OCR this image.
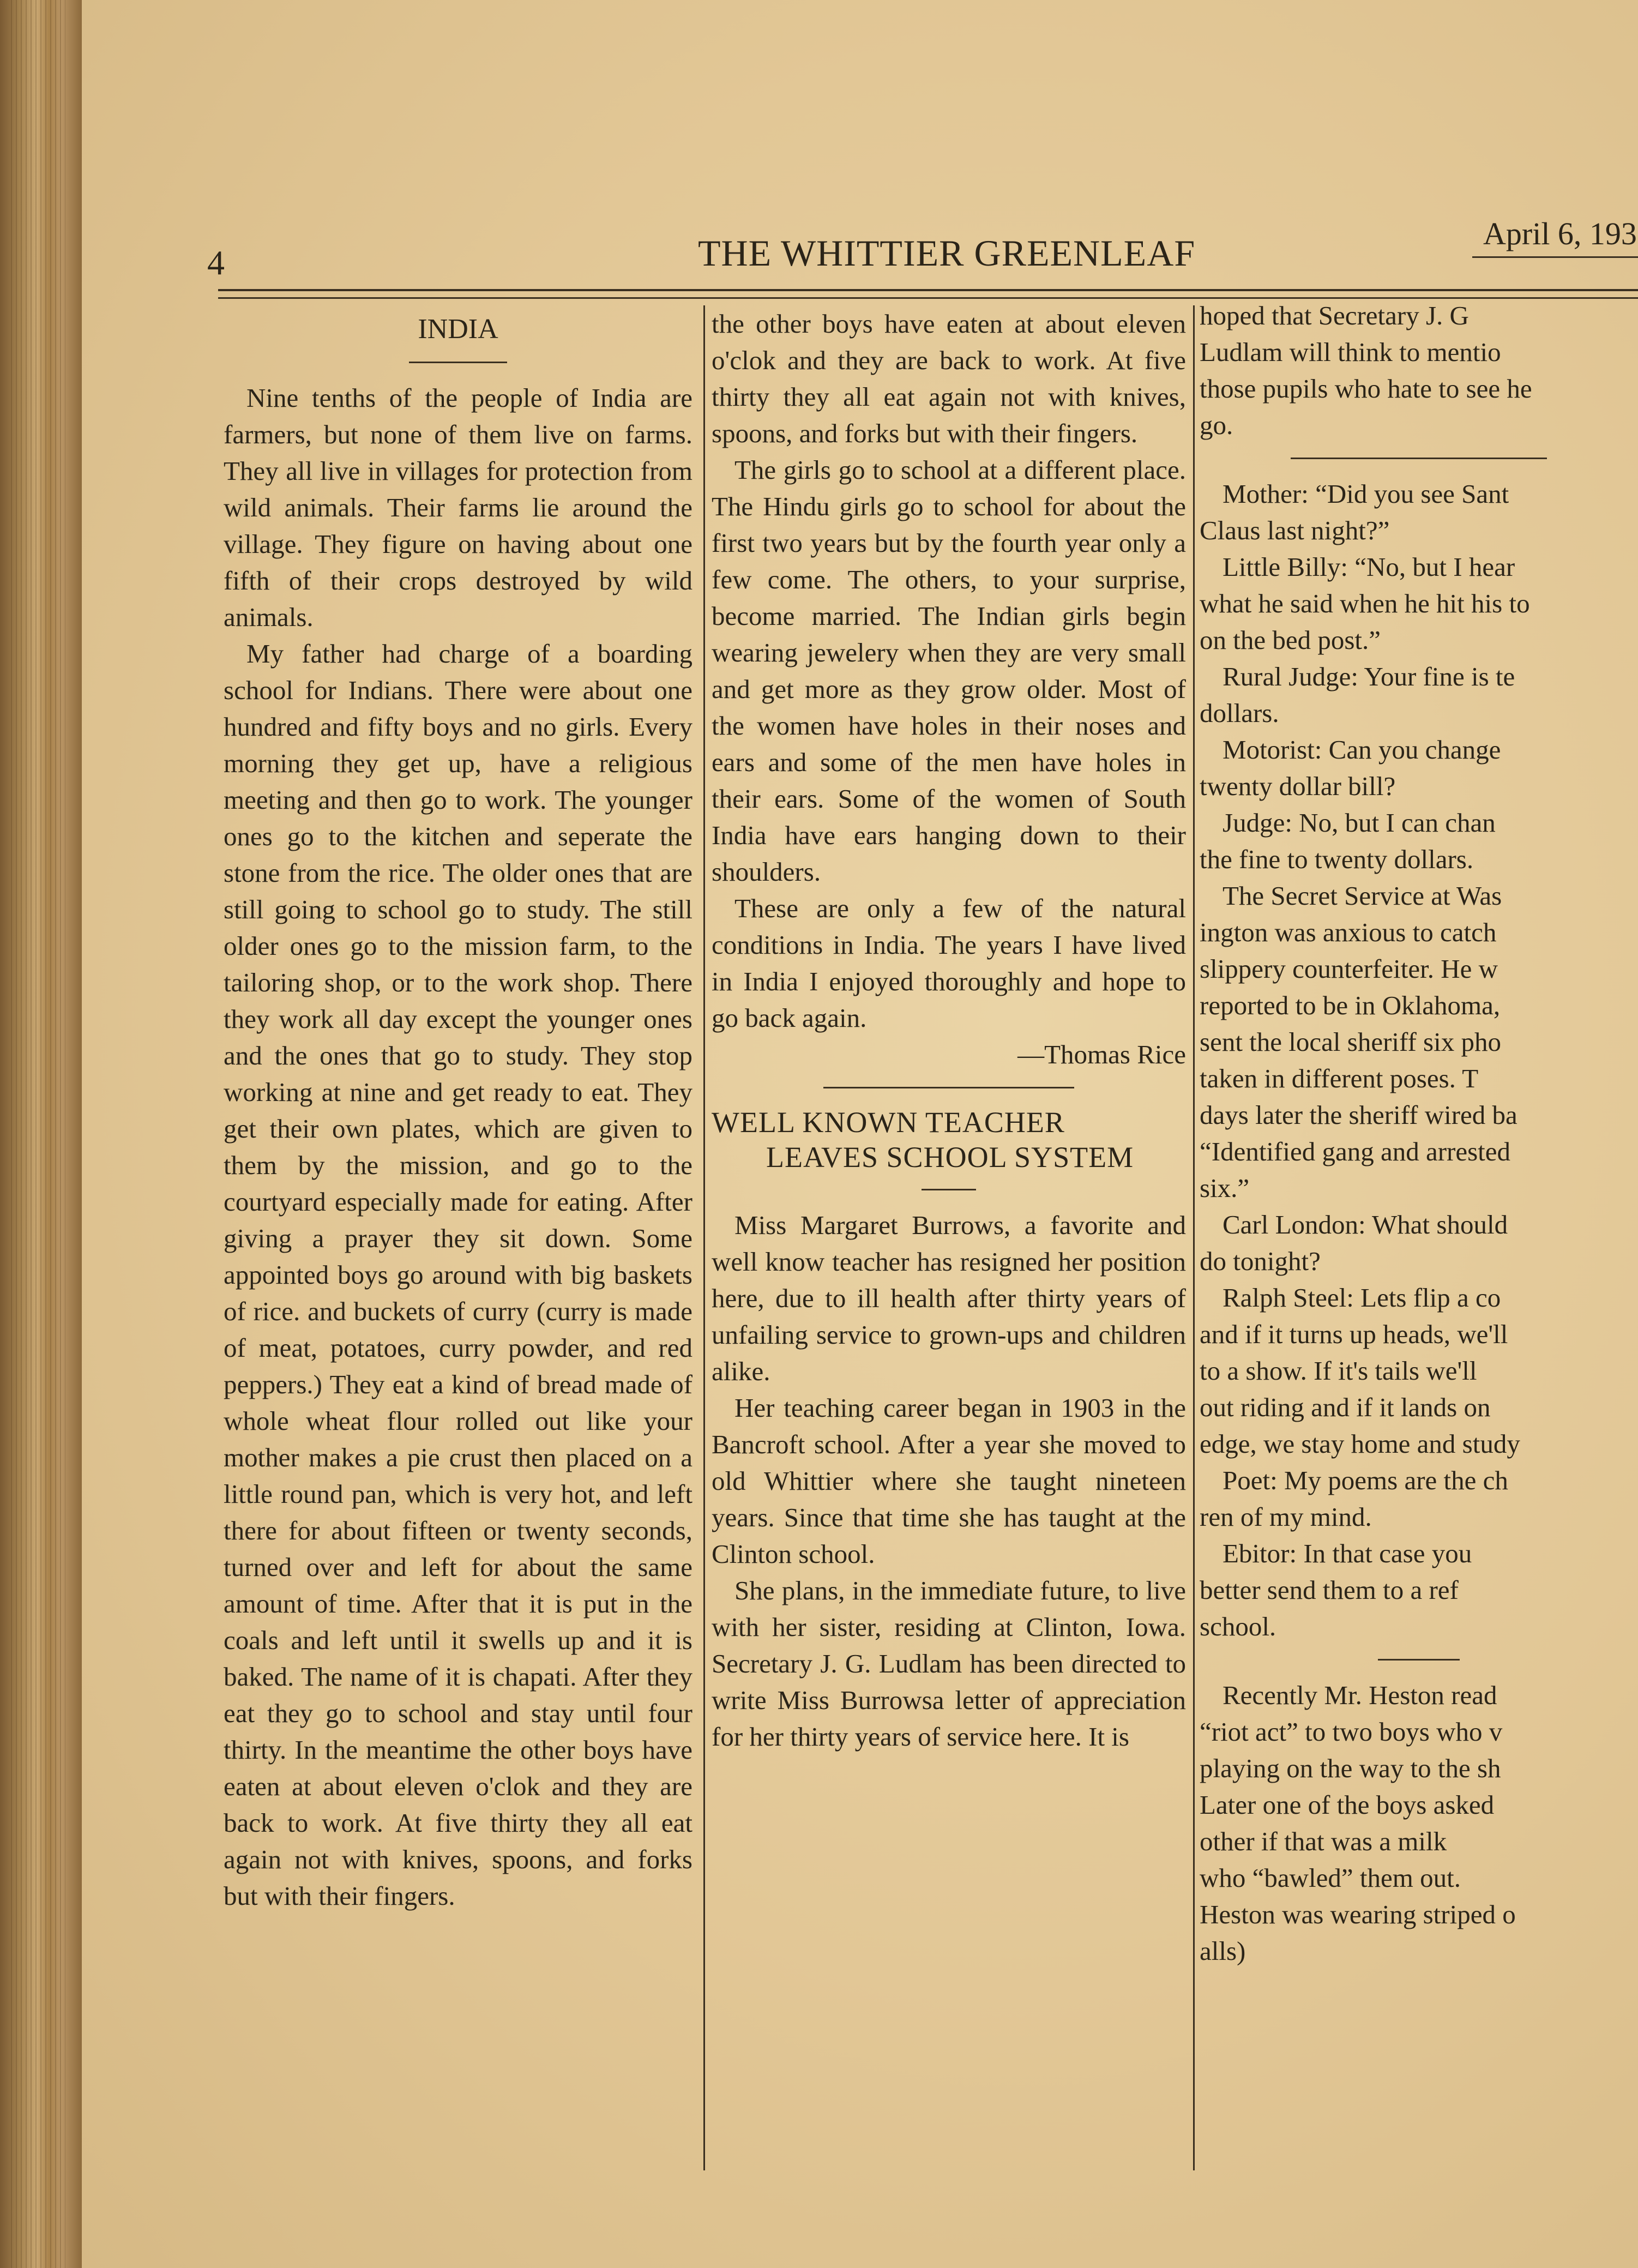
4	THE WHITTIER GREENLEAF	April 6, 193

INDIA

Nine tenths of the people of India are farmers, but none of them live on farms. They all live in villages for protection from wild animals. Their farms lie around the village. They figure on having about one fifth of their crops destroyed by wild animals.

My father had charge of a boarding school for Indians. There were about one hundred and fifty boys and no girls. Every morning they get up, have a religious meeting and then go to work. The younger ones go to the kitchen and seperate the stone from the rice. The older ones that are still going to school go to study. The still older ones go to the mission farm, to the tailoring shop, or to the work shop. There they work all day except the younger ones and the ones that go to study. They stop working at nine and get ready to eat. They get their own plates, which are given to them by the mission, and go to the courtyard especially made for eating. After giving a prayer they sit down. Some appointed boys go around with big baskets of rice. and buckets of curry (curry is made of meat, potatoes, curry powder, and red peppers.) They eat a kind of bread made of whole wheat flour rolled out like your mother makes a pie crust then placed on a little round pan, which is very hot, and left there for about fifteen or twenty seconds, turned over and left for about the same amount of time. After that it is put in the coals and left until it swells up and it is baked. The name of it is chapati. After they eat they go to school and stay until four thirty. In the meantime the other boys have eaten at about eleven o'clok and they are back to work. At five thirty they all eat again not with knives, spoons, and forks but with their fingers.

the other boys have eaten at about eleven o'clok and they are back to work. At five thirty they all eat again not with knives, spoons, and forks but with their fingers.

The girls go to school at a different place. The Hindu girls go to school for about the first two years but by the fourth year only a few come. The others, to your surprise, become married. The Indian girls begin wearing jewelery when they are very small and get more as they grow older. Most of the women have holes in their noses and ears and some of the men have holes in their ears. Some of the women of South India have ears hanging down to their shoulders.

These are only a few of the natural conditions in India. The years I have lived in India I enjoyed thoroughly and hope to go back again.

—Thomas Rice

WELL KNOWN TEACHER

LEAVES SCHOOL SYSTEM

Miss Margaret Burrows, a favorite and well know teacher has resigned her position here, due to ill health after thirty years of unfailing service to grown-ups and children alike.

Her teaching career began in 1903 in the Bancroft school. After a year she moved to old Whittier where she taught nineteen years. Since that time she has taught at the Clinton school.

She plans, in the immediate future, to live with her sister, residing at Clinton, Iowa. Secretary J. G. Ludlam has been directed to write Miss Burrowsa letter of appreciation for her thirty years of service here. It is

hoped that Secretary J. G

Ludlam will think to mentio

those pupils who hate to see he

go.

Mother: “Did you see Sant

Claus last night?”

Little Billy: “No, but I hear

what he said when he hit his to

on the bed post.”

Rural Judge: Your fine is te

dollars.

Motorist: Can you change

twenty dollar bill?

Judge: No, but I can chan

the fine to twenty dollars.

The Secret Service at Was

ington was anxious to catch

slippery counterfeiter. He w

reported to be in Oklahoma,

sent the local sheriff six pho

taken in different poses. T

days later the sheriff wired ba

“Identified gang and arrested

six.”

Carl London: What should

do tonight?

Ralph Steel: Lets flip a co

and if it turns up heads, we'll

to a show. If it's tails we'll

out riding and if it lands on

edge, we stay home and study

Poet: My poems are the ch

ren of my mind.

Ebitor: In that case you

better send them to a ref

school.

Recently Mr. Heston read

“riot act” to two boys who v

playing on the way to the sh

Later one of the boys asked

other if that was a milk

who “bawled” them out.

Heston was wearing striped o

alls)
